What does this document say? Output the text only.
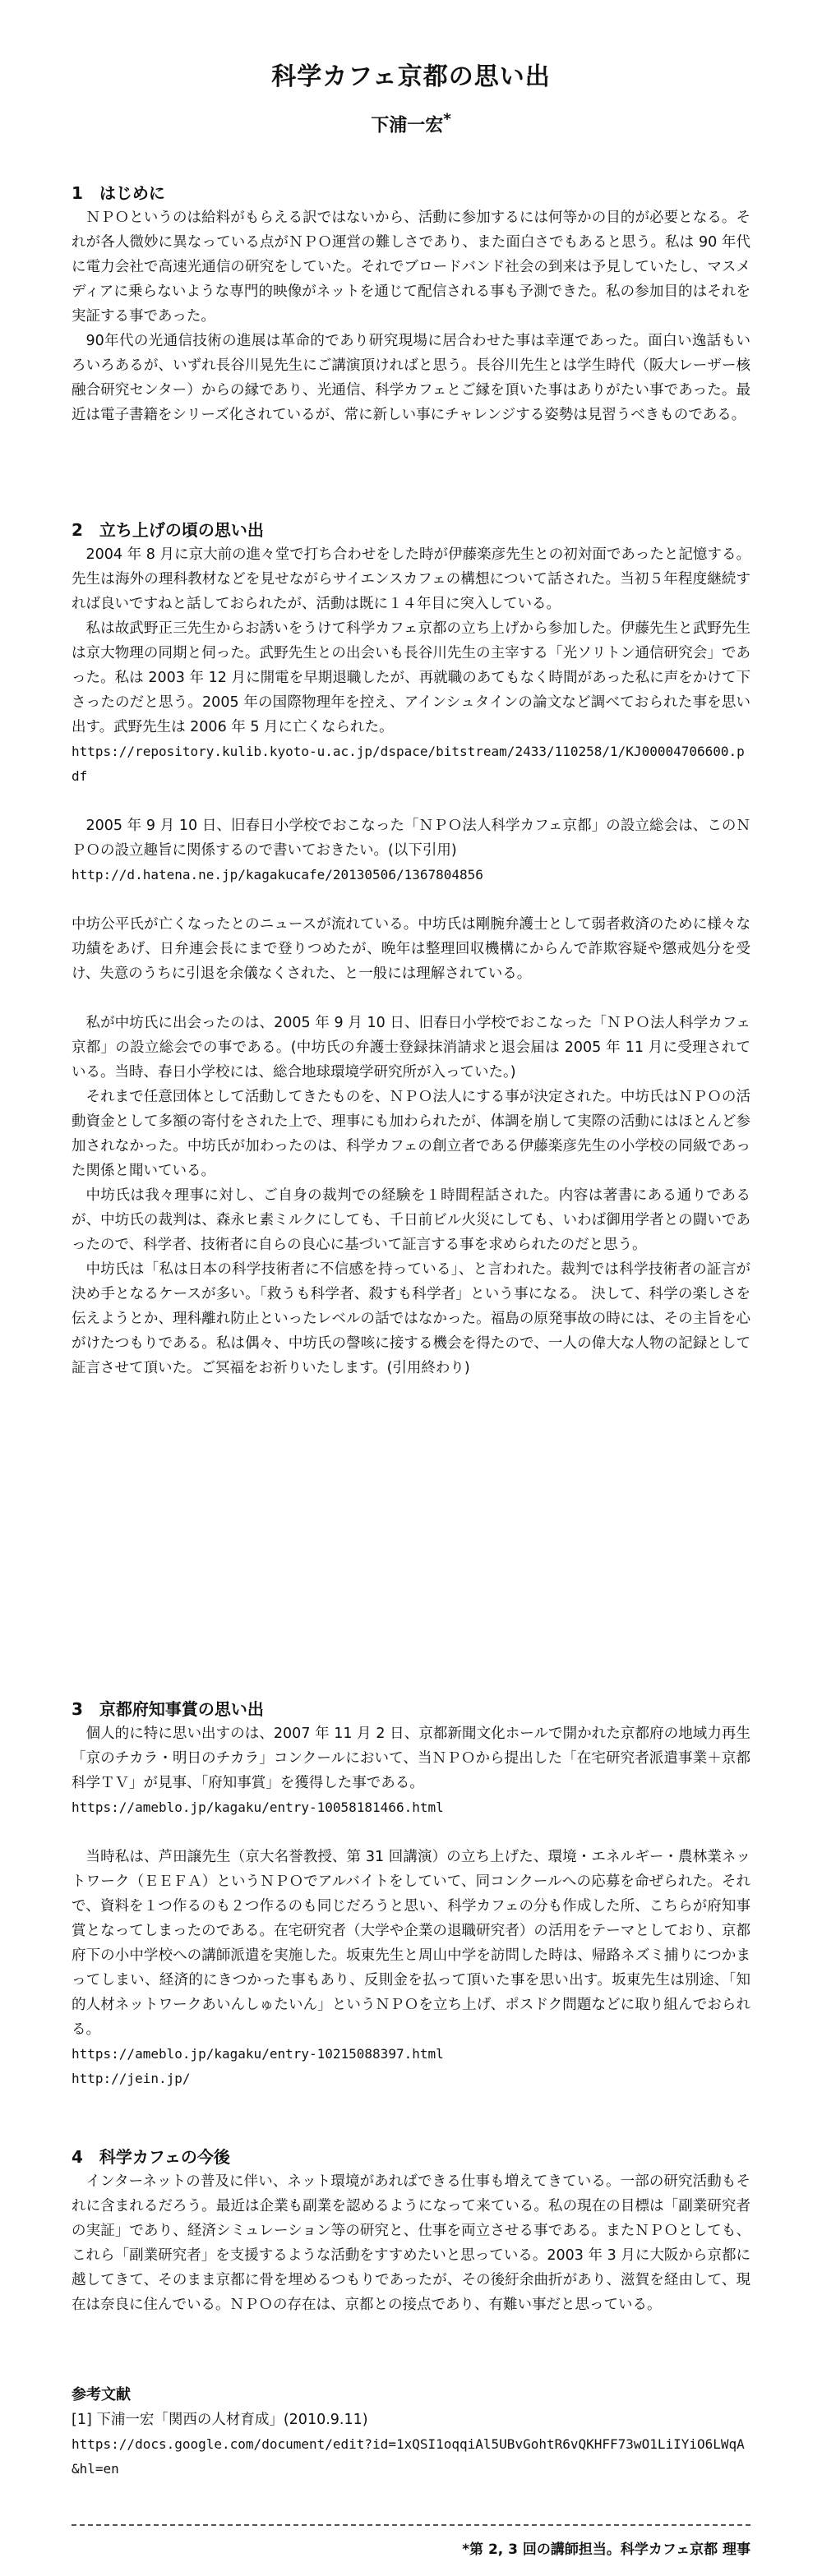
科学カフェ京都の思い出
下浦一宏*
1　はじめに
ＮＰＯというのは給料がもらえる訳ではないから、活動に参加するには何等かの目的が必要となる。それが各人微妙に異なっている点がＮＰＯ運営の難しさであり、また面白さでもあると思う。私は 90 年代に電力会社で高速光通信の研究をしていた。それでブロードバンド社会の到来は予見していたし、マスメディアに乗らないような専門的映像がネットを通じて配信される事も予測できた。私の参加目的はそれを実証する事であった。
90年代の光通信技術の進展は革命的であり研究現場に居合わせた事は幸運であった。面白い逸話もいろいろあるが、いずれ長谷川晃先生にご講演頂ければと思う。長谷川先生とは学生時代（阪大レーザー核融合研究センター）からの縁であり、光通信、科学カフェとご縁を頂いた事はありがたい事であった。最近は電子書籍をシリーズ化されているが、常に新しい事にチャレンジする姿勢は見習うべきものである。
2　立ち上げの頃の思い出
2004 年 8 月に京大前の進々堂で打ち合わせをした時が伊藤楽彦先生との初対面であったと記憶する。先生は海外の理科教材などを見せながらサイエンスカフェの構想について話された。当初５年程度継続すれば良いですねと話しておられたが、活動は既に１４年目に突入している。
私は故武野正三先生からお誘いをうけて科学カフェ京都の立ち上げから参加した。伊藤先生と武野先生は京大物理の同期と伺った。武野先生との出会いも長谷川先生の主宰する「光ソリトン通信研究会」であった。私は 2003 年 12 月に開電を早期退職したが、再就職のあてもなく時間があった私に声をかけて下さったのだと思う。2005 年の国際物理年を控え、アインシュタインの論文など調べておられた事を思い出す。武野先生は 2006 年 5 月に亡くなられた。
https://repository.kulib.kyoto-u.ac.jp/dspace/bitstream/2433/110258/1/KJ00004706600.pdf
2005 年 9 月 10 日、旧春日小学校でおこなった「ＮＰＯ法人科学カフェ京都」の設立総会は、このＮＰＯの設立趣旨に関係するので書いておきたい。(以下引用)
http://d.hatena.ne.jp/kagakucafe/20130506/1367804856
中坊公平氏が亡くなったとのニュースが流れている。中坊氏は剛腕弁護士として弱者救済のために様々な功績をあげ、日弁連会長にまで登りつめたが、晩年は整理回収機構にからんで詐欺容疑や懲戒処分を受け、失意のうちに引退を余儀なくされた、と一般には理解されている。
私が中坊氏に出会ったのは、2005 年 9 月 10 日、旧春日小学校でおこなった「ＮＰＯ法人科学カフェ京都」の設立総会での事である。(中坊氏の弁護士登録抹消請求と退会届は 2005 年 11 月に受理されている。当時、春日小学校には、総合地球環境学研究所が入っていた。)
それまで任意団体として活動してきたものを、ＮＰＯ法人にする事が決定された。中坊氏はＮＰＯの活動資金として多額の寄付をされた上で、理事にも加わられたが、体調を崩して実際の活動にはほとんど参加されなかった。中坊氏が加わったのは、科学カフェの創立者である伊藤楽彦先生の小学校の同級であった関係と聞いている。
中坊氏は我々理事に対し、ご自身の裁判での経験を１時間程話された。内容は著書にある通りであるが、中坊氏の裁判は、森永ヒ素ミルクにしても、千日前ビル火災にしても、いわば御用学者との闘いであったので、科学者、技術者に自らの良心に基づいて証言する事を求められたのだと思う。
中坊氏は「私は日本の科学技術者に不信感を持っている」、と言われた。裁判では科学技術者の証言が決め手となるケースが多い。「救うも科学者、殺すも科学者」という事になる。 決して、科学の楽しさを伝えようとか、理科離れ防止といったレベルの話ではなかった。福島の原発事故の時には、その主旨を心がけたつもりである。私は偶々、中坊氏の謦咳に接する機会を得たので、一人の偉大な人物の記録として証言させて頂いた。ご冥福をお祈りいたします。(引用終わり)
3　京都府知事賞の思い出
個人的に特に思い出すのは、2007 年 11 月 2 日、京都新聞文化ホールで開かれた京都府の地域力再生「京のチカラ・明日のチカラ」コンクールにおいて、当ＮＰＯから提出した「在宅研究者派遣事業＋京都科学ＴＶ」が見事、「府知事賞」を獲得した事である。
https://ameblo.jp/kagaku/entry-10058181466.html
当時私は、芦田譲先生（京大名誉教授、第 31 回講演）の立ち上げた、環境・エネルギー・農林業ネットワーク（ＥＥＦＡ）というＮＰＯでアルバイトをしていて、同コンクールへの応募を命ぜられた。それで、資料を１つ作るのも２つ作るのも同じだろうと思い、科学カフェの分も作成した所、こちらが府知事賞となってしまったのである。在宅研究者（大学や企業の退職研究者）の活用をテーマとしており、京都府下の小中学校への講師派遣を実施した。坂東先生と周山中学を訪問した時は、帰路ネズミ捕りにつかまってしまい、経済的にきつかった事もあり、反則金を払って頂いた事を思い出す。坂東先生は別途、「知的人材ネットワークあいんしゅたいん」というＮＰＯを立ち上げ、ポスドク問題などに取り組んでおられる。
https://ameblo.jp/kagaku/entry-10215088397.html
http://jein.jp/
4　科学カフェの今後
インターネットの普及に伴い、ネット環境があればできる仕事も増えてきている。一部の研究活動もそれに含まれるだろう。最近は企業も副業を認めるようになって来ている。私の現在の目標は「副業研究者の実証」であり、経済シミュレーション等の研究と、仕事を両立させる事である。またＮＰＯとしても、これら「副業研究者」を支援するような活動をすすめたいと思っている。2003 年 3 月に大阪から京都に越してきて、そのまま京都に骨を埋めるつもりであったが、その後紆余曲折があり、滋賀を経由して、現在は奈良に住んでいる。ＮＰＯの存在は、京都との接点であり、有難い事だと思っている。
参考文献
[1] 下浦一宏「関西の人材育成」(2010.9.11)
https://docs.google.com/document/edit?id=1xQSI1oqqiAl5UBvGohtR6vQKHFF73wO1LiIYiO6LWqA&hl=en
*第 2, 3 回の講師担当。科学カフェ京都 理事
